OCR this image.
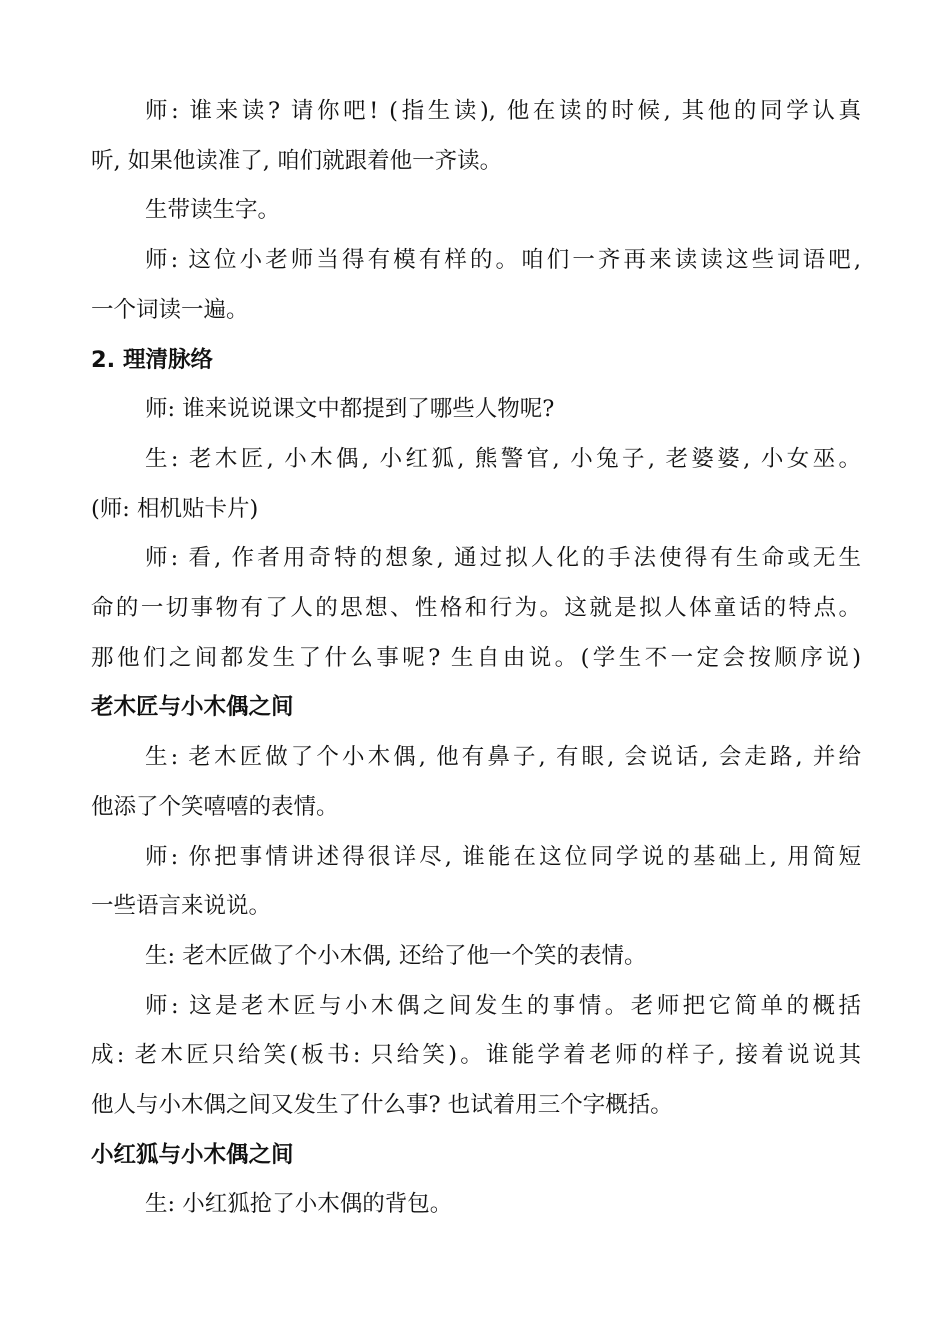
师: 谁来读? 请你吧! (指生读), 他在读的时候, 其他的同学认真
听, 如果他读准了, 咱们就跟着他一齐读。
生带读生字。
师: 这位小老师当得有模有样的。咱们一齐再来读读这些词语吧,
一个词读一遍。
2. 理清脉络
师: 谁来说说课文中都提到了哪些人物呢?
生: 老木匠, 小木偶, 小红狐, 熊警官, 小兔子, 老婆婆, 小女巫。
(师: 相机贴卡片)
师: 看, 作者用奇特的想象, 通过拟人化的手法使得有生命或无生
命的一切事物有了人的思想、性格和行为。这就是拟人体童话的特点。
那他们之间都发生了什么事呢? 生自由说。(学生不一定会按顺序说)
老木匠与小木偶之间
生: 老木匠做了个小木偶, 他有鼻子, 有眼, 会说话, 会走路, 并给
他添了个笑嘻嘻的表情。
师: 你把事情讲述得很详尽, 谁能在这位同学说的基础上, 用简短
一些语言来说说。
生: 老木匠做了个小木偶, 还给了他一个笑的表情。
师: 这是老木匠与小木偶之间发生的事情。老师把它简单的概括
成: 老木匠只给笑(板书: 只给笑)。谁能学着老师的样子, 接着说说其
他人与小木偶之间又发生了什么事? 也试着用三个字概括。
小红狐与小木偶之间
生: 小红狐抢了小木偶的背包。
